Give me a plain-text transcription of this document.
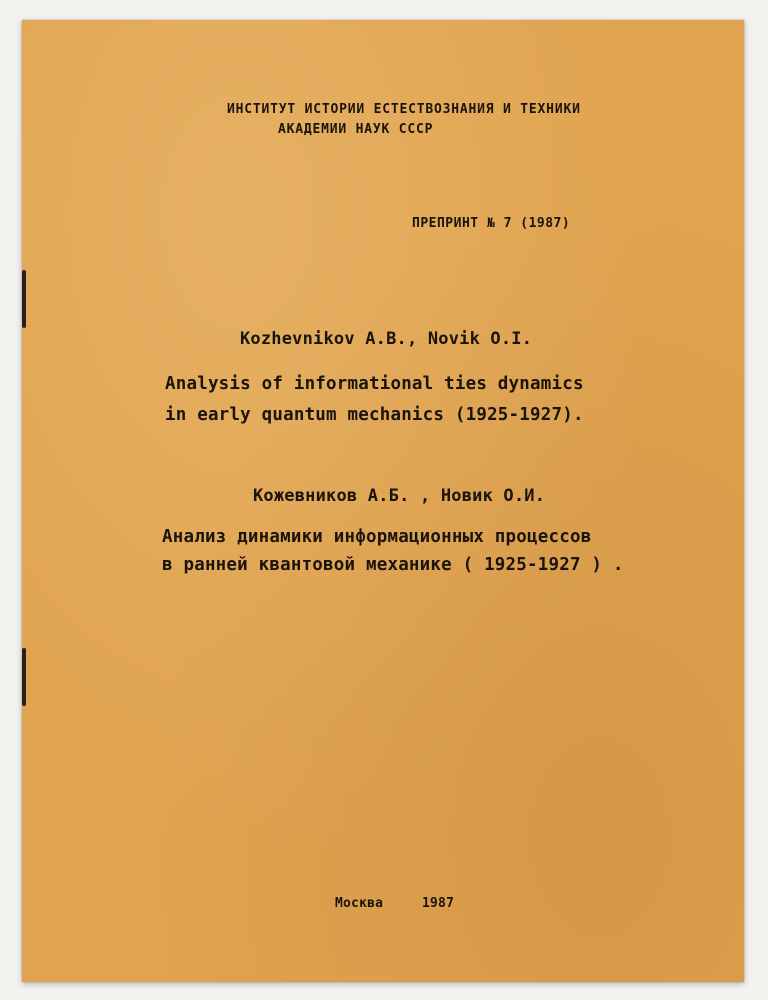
ИНСТИТУТ ИСТОРИИ ЕСТЕСТВОЗНАНИЯ И ТЕХНИКИ
АКАДЕМИИ НАУК СССР
ПРЕПРИНТ № 7 (1987)
Kozhevnikov A.B., Novik O.I.
Analysis of informational ties dynamics
in early quantum mechanics (1925-1927).
Кожевников А.Б. , Новик О.И.
Анализ динамики информационных процессов
в ранней квантовой механике ( 1925-1927 ) .
Москва	1987
